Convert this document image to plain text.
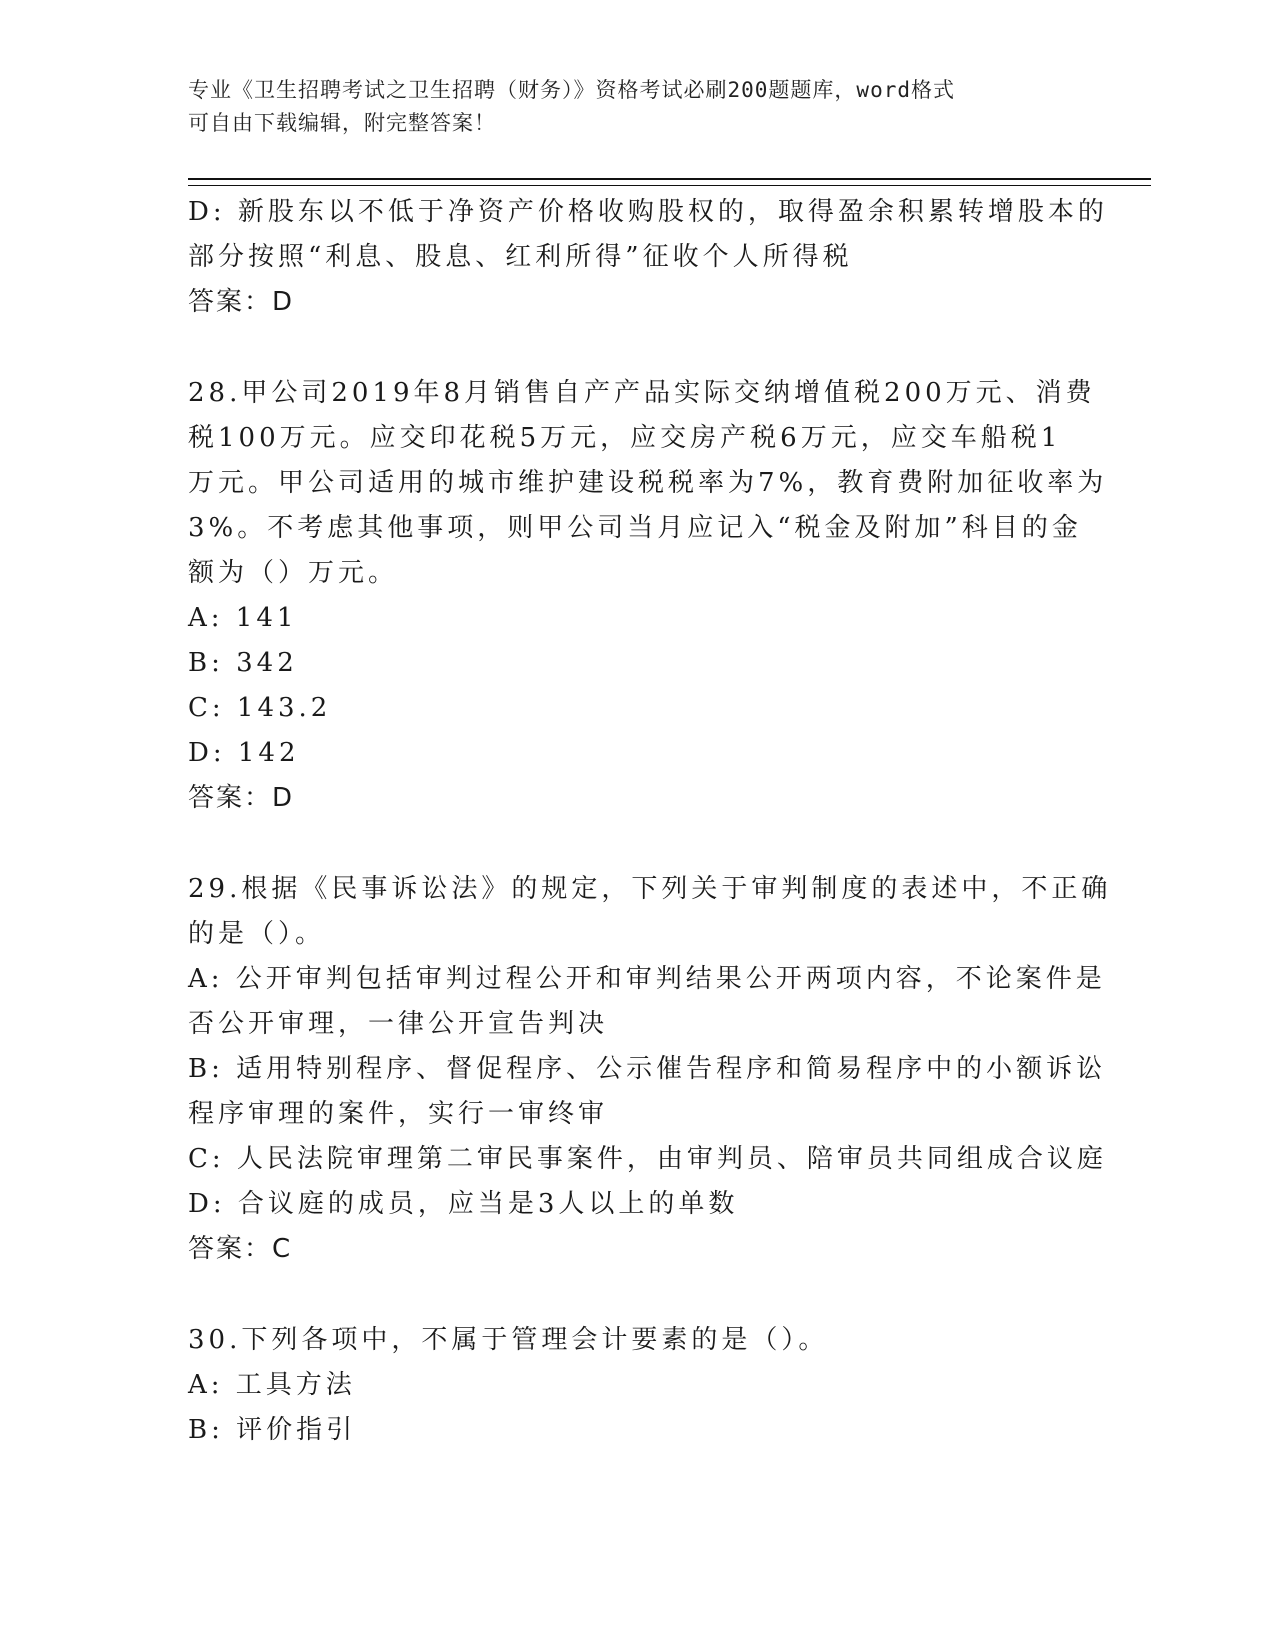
专业《卫生招聘考试之卫生招聘（财务）》资格考试必刷200题题库，word格式

可自由下载编辑，附完整答案！

D: 新股东以不低于净资产价格收购股权的，取得盈余积累转增股本的

部分按照“利息、股息、红利所得”征收个人所得税

答案：D

28.甲公司2019年8月销售自产产品实际交纳增值税200万元、消费

税100万元。应交印花税5万元，应交房产税6万元，应交车船税1

万元。甲公司适用的城市维护建设税税率为7%，教育费附加征收率为

3%。不考虑其他事项，则甲公司当月应记入“税金及附加”科目的金

额为（）万元。

A: 141

B: 342

C: 143.2

D: 142

答案：D

29.根据《民事诉讼法》的规定，下列关于审判制度的表述中，不正确

的是（）。

A: 公开审判包括审判过程公开和审判结果公开两项内容，不论案件是

否公开审理，一律公开宣告判决

B: 适用特别程序、督促程序、公示催告程序和简易程序中的小额诉讼

程序审理的案件，实行一审终审

C: 人民法院审理第二审民事案件，由审判员、陪审员共同组成合议庭

D: 合议庭的成员，应当是3人以上的单数

答案：C

30.下列各项中，不属于管理会计要素的是（）。

A: 工具方法

B: 评价指引
